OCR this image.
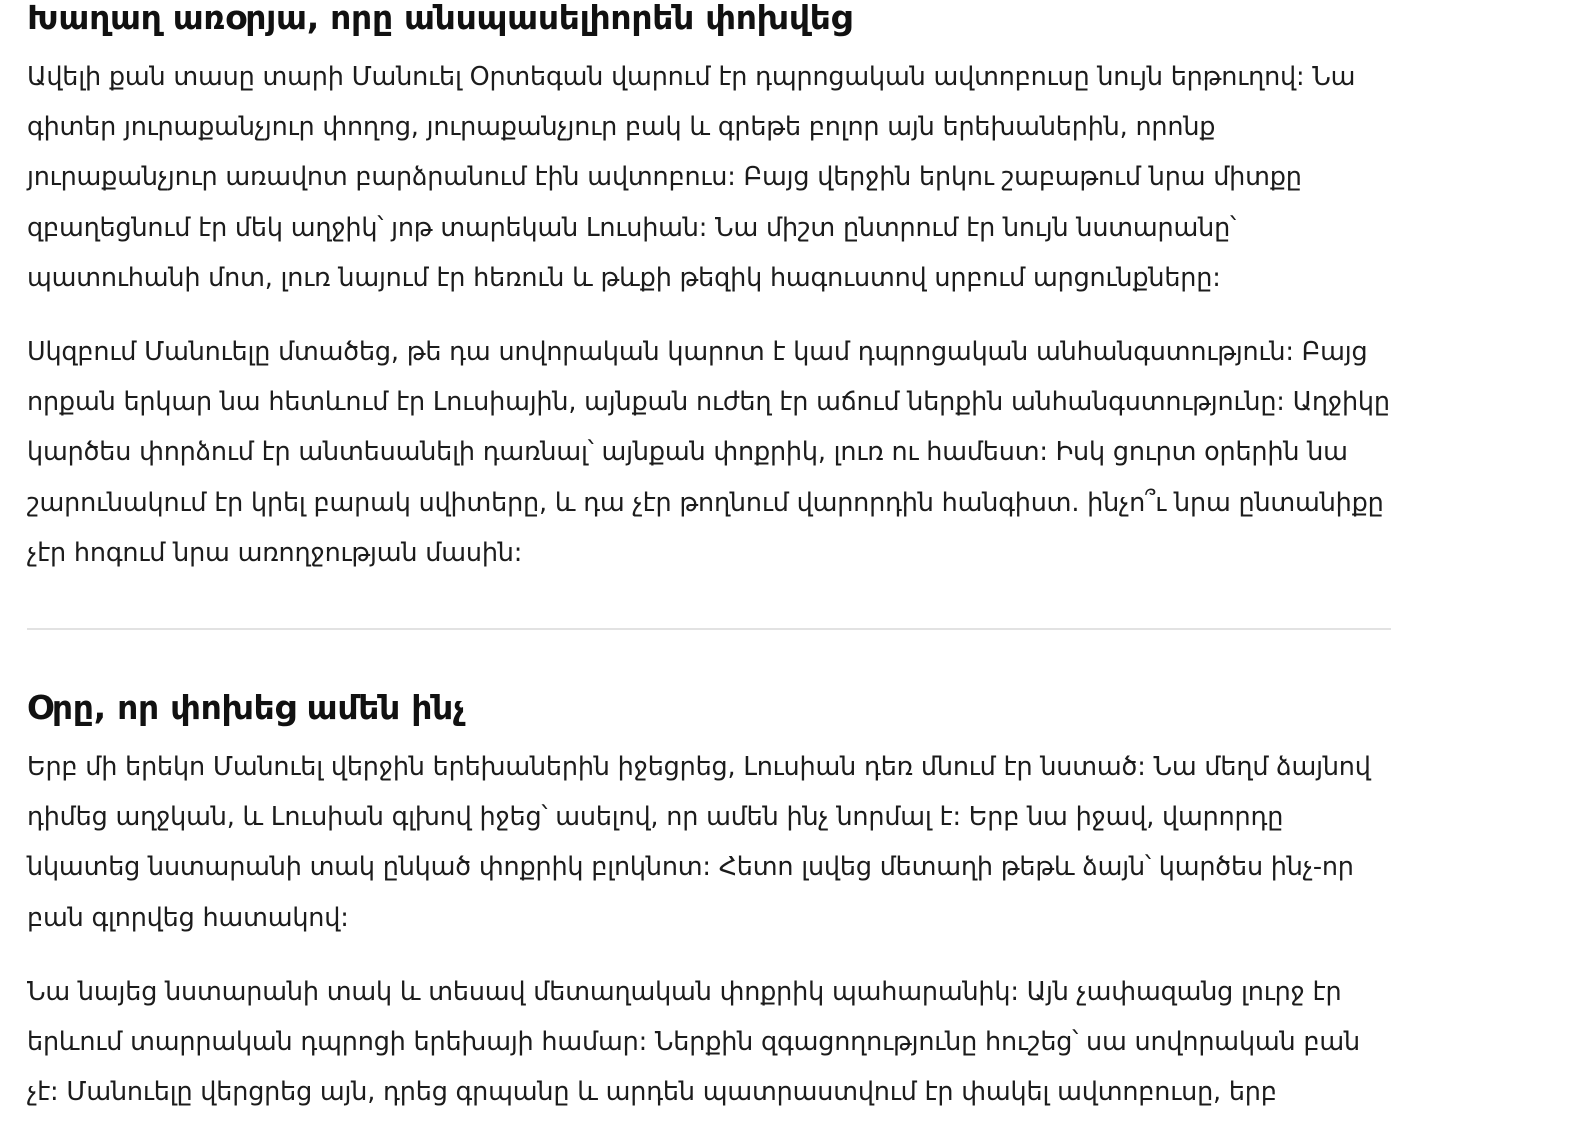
Խաղաղ առօրյա, որը անսպասելիորեն փոխվեց

Ավելի քան տասը տարի Մանուել Օրտեգան վարում էր դպրոցական ավտոբուսը նույն երթուղով: Նա գիտեր յուրաքանչյուր փողոց, յուրաքանչյուր բակ և գրեթե բոլոր այն երեխաներին, որոնք յուրաքանչյուր առավոտ բարձրանում էին ավտոբուս: Բայց վերջին երկու շաբաթում նրա միտքը զբաղեցնում էր մեկ աղջիկ՝ յոթ տարեկան Լուսիան: Նա միշտ ընտրում էր նույն նստարանը՝ պատուհանի մոտ, լուռ նայում էր հեռուն և թևքի թեզիկ հագուստով սրբում արցունքները:

Սկզբում Մանուելը մտածեց, թե դա սովորական կարոտ է կամ դպրոցական անհանգստություն: Բայց որքան երկար նա հետևում էր Լուսիային, այնքան ուժեղ էր աճում ներքին անհանգստությունը: Աղջիկը կարծես փորձում էր անտեսանելի դառնալ՝ այնքան փոքրիկ, լուռ ու համեստ: Իսկ ցուրտ օրերին նա շարունակում էր կրել բարակ սվիտերը, և դա չէր թողնում վարորդին հանգիստ. ինչո՞ւ նրա ընտանիքը չէր հոգում նրա առողջության մասին:

Օրը, որ փոխեց ամեն ինչ

Երբ մի երեկո Մանուել վերջին երեխաներին իջեցրեց, Լուսիան դեռ մնում էր նստած: Նա մեղմ ձայնով դիմեց աղջկան, և Լուսիան գլխով իջեց՝ ասելով, որ ամեն ինչ նորմալ է: Երբ նա իջավ, վարորդը նկատեց նստարանի տակ ընկած փոքրիկ բլոկնոտ: Հետո լսվեց մետաղի թեթև ձայն՝ կարծես ինչ-որ բան գլորվեց հատակով:

Նա նայեց նստարանի տակ և տեսավ մետաղական փոքրիկ պահարանիկ: Այն չափազանց լուրջ էր երևում տարրական դպրոցի երեխայի համար: Ներքին զգացողությունը հուշեց՝ սա սովորական բան չէ: Մանուելը վերցրեց այն, դրեց գրպանը և արդեն պատրաստվում էր փակել ավտոբուսը, երբ
